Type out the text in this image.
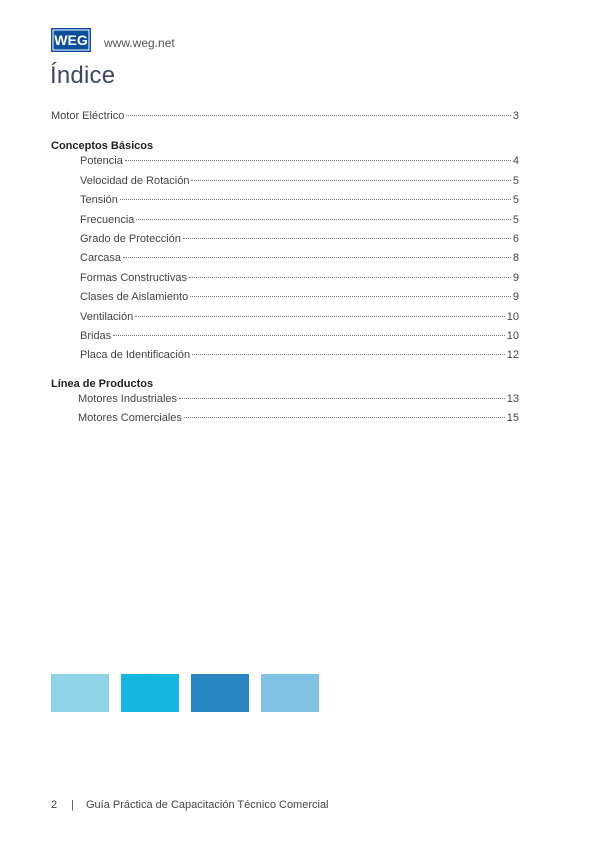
WEG www.weg.net
Índice
Motor Eléctrico	3
Conceptos Básicos
Potencia	4
Velocidad de Rotación	5
Tensión	5
Frecuencia	5
Grado de Protección	6
Carcasa	8
Formas Constructivas	9
Clases de Aislamiento	9
Ventilación	10
Bridas	10
Placa de Identificación	12
Línea de Productos
Motores Industriales	13
Motores Comerciales	15
2 | Guía Práctica de Capacitación Técnico Comercial
